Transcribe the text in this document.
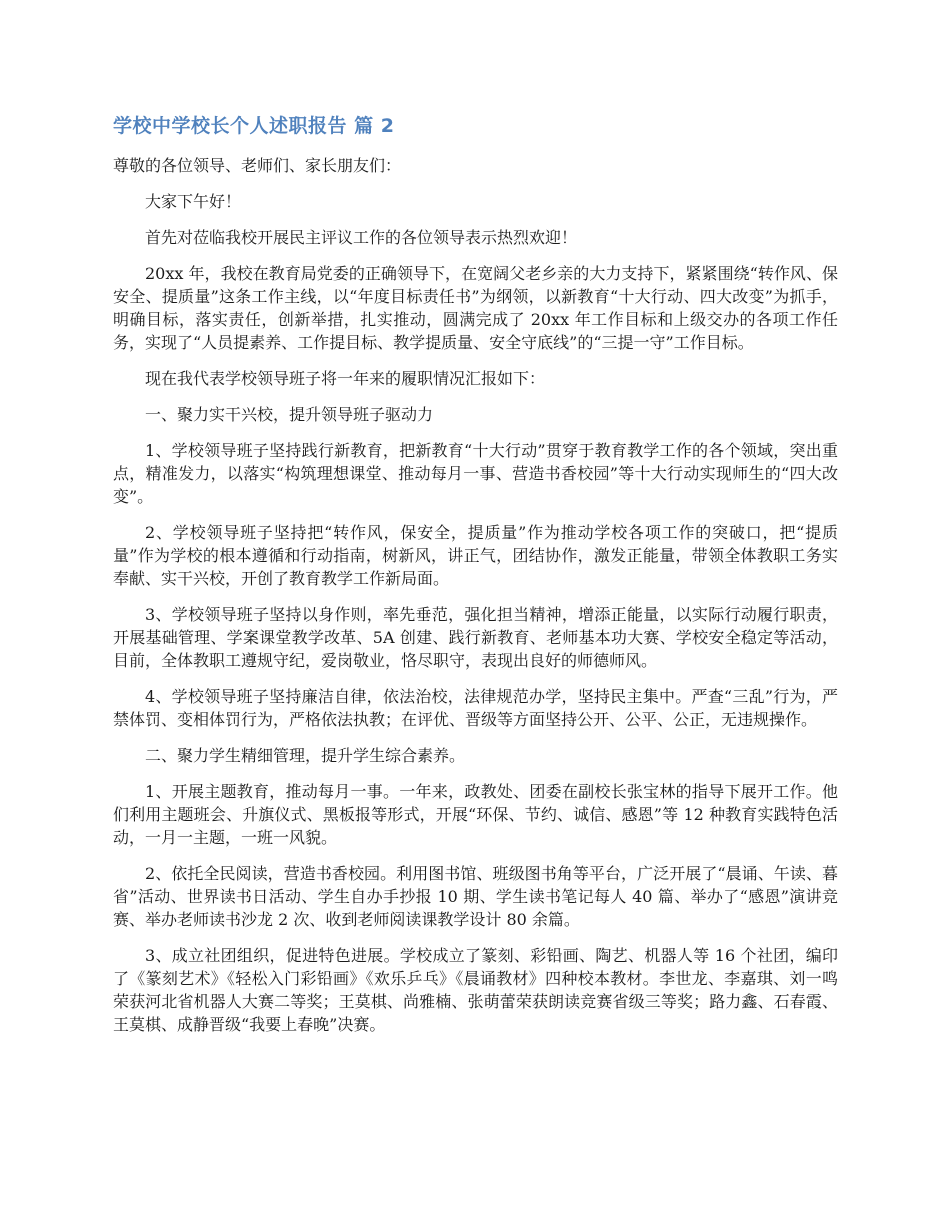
学校中学校长个人述职报告 篇 2

尊敬的各位领导、老师们、家长朋友们：

大家下午好！

首先对莅临我校开展民主评议工作的各位领导表示热烈欢迎！

20xx 年，我校在教育局党委的正确领导下，在宽阔父老乡亲的大力支持下，紧紧围绕“转作风、保安全、提质量”这条工作主线，以“年度目标责任书”为纲领，以新教育“十大行动、四大改变”为抓手，明确目标，落实责任，创新举措，扎实推动，圆满完成了 20xx 年工作目标和上级交办的各项工作任务，实现了“人员提素养、工作提目标、教学提质量、安全守底线”的“三提一守”工作目标。

现在我代表学校领导班子将一年来的履职情况汇报如下：

一、聚力实干兴校，提升领导班子驱动力

1、学校领导班子坚持践行新教育，把新教育“十大行动”贯穿于教育教学工作的各个领域，突出重点，精准发力，以落实“构筑理想课堂、推动每月一事、营造书香校园”等十大行动实现师生的“四大改变”。

2、学校领导班子坚持把“转作风，保安全，提质量”作为推动学校各项工作的突破口，把“提质量”作为学校的根本遵循和行动指南，树新风，讲正气，团结协作，激发正能量，带领全体教职工务实奉献、实干兴校，开创了教育教学工作新局面。

3、学校领导班子坚持以身作则，率先垂范，强化担当精神，增添正能量，以实际行动履行职责，开展基础管理、学案课堂教学改革、5A 创建、践行新教育、老师基本功大赛、学校安全稳定等活动，目前，全体教职工遵规守纪，爱岗敬业，恪尽职守，表现出良好的师德师风。

4、学校领导班子坚持廉洁自律，依法治校，法律规范办学，坚持民主集中。严查“三乱”行为，严禁体罚、变相体罚行为，严格依法执教；在评优、晋级等方面坚持公开、公平、公正，无违规操作。

二、聚力学生精细管理，提升学生综合素养。

1、开展主题教育，推动每月一事。一年来，政教处、团委在副校长张宝林的指导下展开工作。他们利用主题班会、升旗仪式、黑板报等形式，开展“环保、节约、诚信、感恩”等 12 种教育实践特色活动，一月一主题，一班一风貌。

2、依托全民阅读，营造书香校园。利用图书馆、班级图书角等平台，广泛开展了“晨诵、午读、暮省”活动、世界读书日活动、学生自办手抄报 10 期、学生读书笔记每人 40 篇、举办了“感恩”演讲竞赛、举办老师读书沙龙 2 次、收到老师阅读课教学设计 80 余篇。

3、成立社团组织，促进特色进展。学校成立了篆刻、彩铅画、陶艺、机器人等 16 个社团，编印了《篆刻艺术》《轻松入门彩铅画》《欢乐乒乓》《晨诵教材》四种校本教材。李世龙、李嘉琪、刘一鸣荣获河北省机器人大赛二等奖；王莫棋、尚雅楠、张萌蕾荣获朗读竞赛省级三等奖；路力鑫、石春霞、王莫棋、成静晋级“我要上春晚”决赛。
